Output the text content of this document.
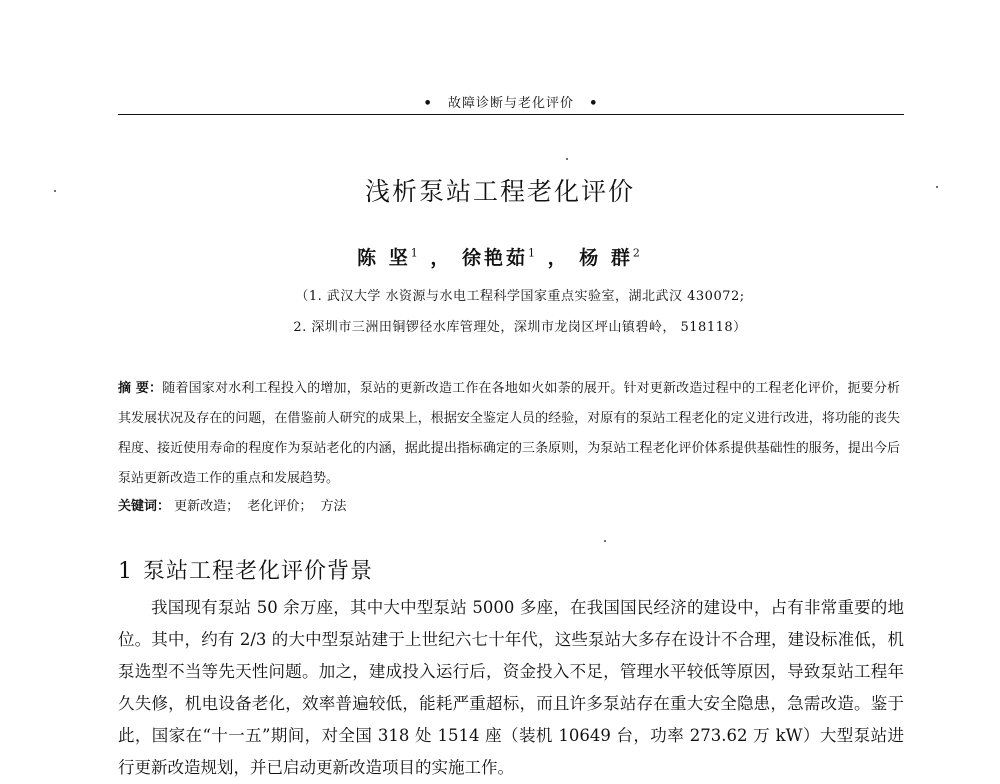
• 故障诊断与老化评价 •
浅析泵站工程老化评价
陈 坚$^1$ ， 徐艳茹$^1$ ， 杨 群$^2$
（1. 武汉大学 水资源与水电工程科学国家重点实验室，湖北武汉 430072;
2. 深圳市三洲田铜锣径水库管理处，深圳市龙岗区坪山镇碧岭， 518118）
摘 要：随着国家对水利工程投入的增加，泵站的更新改造工作在各地如火如荼的展开。针对更新改造过程中的工程老化评价，扼要分析其发展状况及存在的问题，在借鉴前人研究的成果上，根据安全鉴定人员的经验，对原有的泵站工程老化的定义进行改进，将功能的丧失程度、接近使用寿命的程度作为泵站老化的内涵，据此提出指标确定的三条原则，为泵站工程老化评价体系提供基础性的服务，提出今后泵站更新改造工作的重点和发展趋势。
关键词： 更新改造； 老化评价； 方法
1 泵站工程老化评价背景
我国现有泵站 50 余万座，其中大中型泵站 5000 多座，在我国国民经济的建设中，占有非常重要的地位。其中，约有 2/3 的大中型泵站建于上世纪六七十年代，这些泵站大多存在设计不合理，建设标准低，机泵选型不当等先天性问题。加之，建成投入运行后，资金投入不足，管理水平较低等原因，导致泵站工程年久失修，机电设备老化，效率普遍较低，能耗严重超标，而且许多泵站存在重大安全隐患，急需改造。鉴于此，国家在“十一五”期间，对全国 318 处 1514 座（装机 10649 台，功率 273.62 万 kW）大型泵站进行更新改造规划，并已启动更新改造项目的实施工作。
